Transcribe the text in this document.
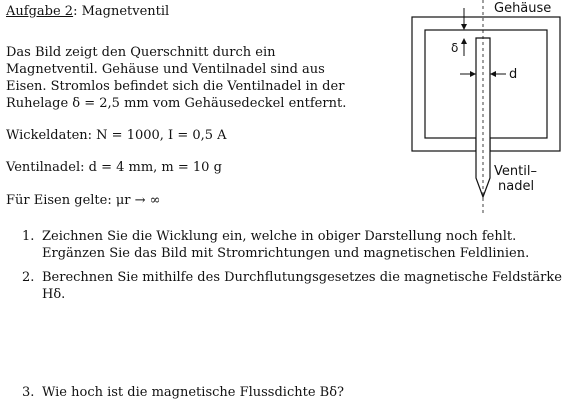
Aufgabe 2: Magnetventil
Das Bild zeigt den Querschnitt durch ein Magnetventil. Gehäuse und Ventilnadel sind aus Eisen. Stromlos befindet sich die Ventilnadel in der Ruhelage δ = 2,5 mm vom Gehäusedeckel entfernt.
Wickeldaten: N = 1000, I = 0,5 A
Ventilnadel: d = 4 mm, m = 10 g
Für Eisen gelte: μr → ∞
1. Zeichnen Sie die Wicklung ein, welche in obiger Darstellung noch fehlt. Ergänzen Sie das Bild mit Stromrichtungen und magnetischen Feldlinien.
2. Berechnen Sie mithilfe des Durchflutungsgesetzes die magnetische Feldstärke Hδ.
3. Wie hoch ist die magnetische Flussdichte Bδ?
Gehäuse
δ
d
Ventil–
nadel
